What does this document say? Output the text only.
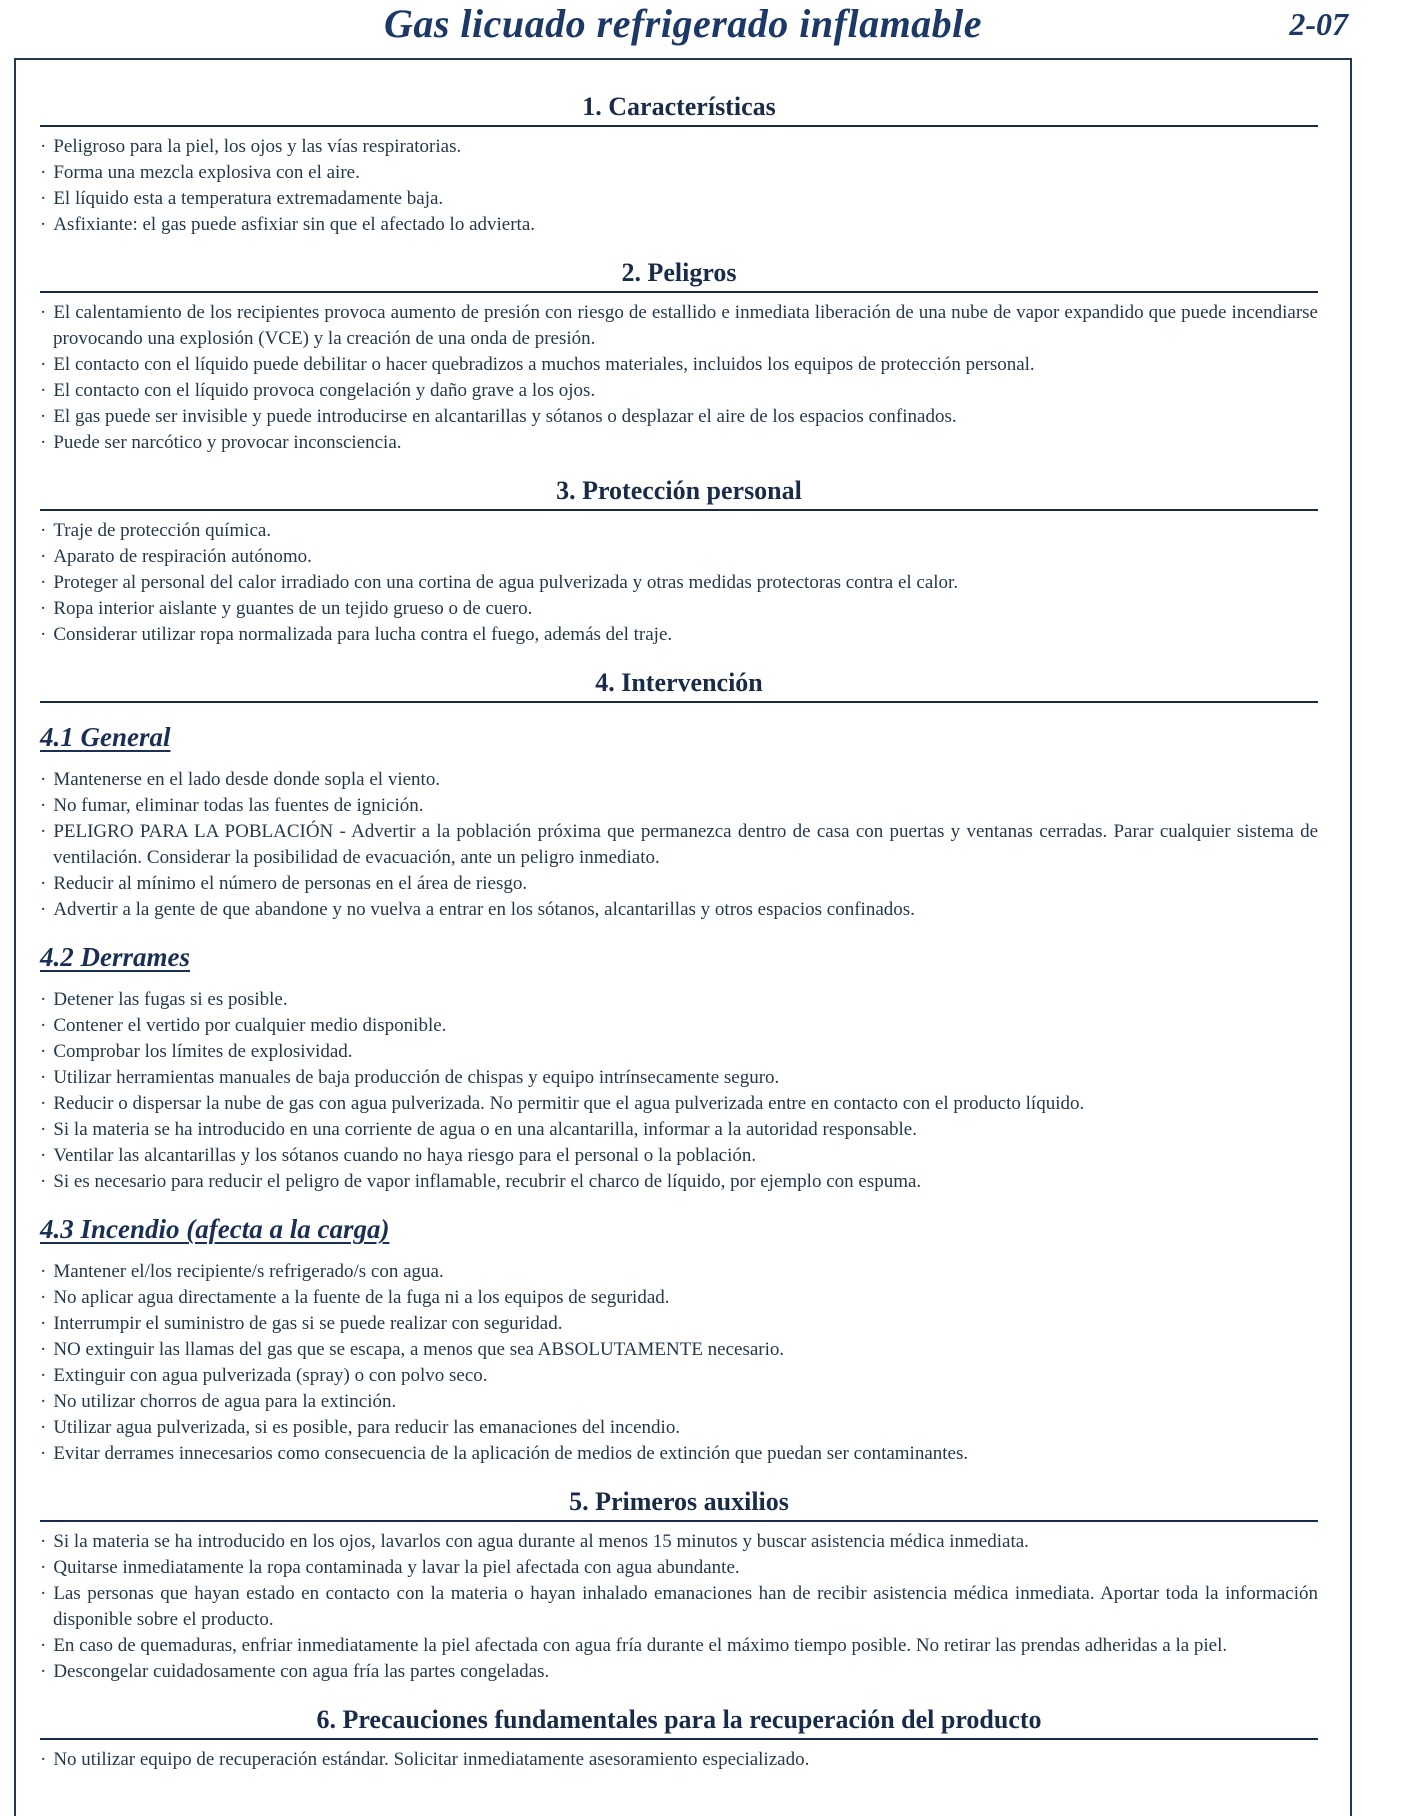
Gas licuado refrigerado inflamable	2-07
1. Características

· Peligroso para la piel, los ojos y las vías respiratorias.

· Forma una mezcla explosiva con el aire.

· El líquido esta a temperatura extremadamente baja.

· Asfixiante: el gas puede asfixiar sin que el afectado lo advierta.

2. Peligros

· El calentamiento de los recipientes provoca aumento de presión con riesgo de estallido e inmediata liberación de una nube de vapor expandido que puede incendiarse provocando una explosión (VCE) y la creación de una onda de presión.

· El contacto con el líquido puede debilitar o hacer quebradizos a muchos materiales, incluidos los equipos de protección personal.

· El contacto con el líquido provoca congelación y daño grave a los ojos.

· El gas puede ser invisible y puede introducirse en alcantarillas y sótanos o desplazar el aire de los espacios confinados.

· Puede ser narcótico y provocar inconsciencia.

3. Protección personal

· Traje de protección química.

· Aparato de respiración autónomo.

· Proteger al personal del calor irradiado con una cortina de agua pulverizada y otras medidas protectoras contra el calor.

· Ropa interior aislante y guantes de un tejido grueso o de cuero.

· Considerar utilizar ropa normalizada para lucha contra el fuego, además del traje.

4. Intervención
4.1 General

· Mantenerse en el lado desde donde sopla el viento.

· No fumar, eliminar todas las fuentes de ignición.

· PELIGRO PARA LA POBLACIÓN - Advertir a la población próxima que permanezca dentro de casa con puertas y ventanas cerradas. Parar cualquier sistema de ventilación. Considerar la posibilidad de evacuación, ante un peligro inmediato.

· Reducir al mínimo el número de personas en el área de riesgo.

· Advertir a la gente de que abandone y no vuelva a entrar en los sótanos, alcantarillas y otros espacios confinados.

4.2 Derrames

· Detener las fugas si es posible.

· Contener el vertido por cualquier medio disponible.

· Comprobar los límites de explosividad.

· Utilizar herramientas manuales de baja producción de chispas y equipo intrínsecamente seguro.

· Reducir o dispersar la nube de gas con agua pulverizada. No permitir que el agua pulverizada entre en contacto con el producto líquido.

· Si la materia se ha introducido en una corriente de agua o en una alcantarilla, informar a la autoridad responsable.

· Ventilar las alcantarillas y los sótanos cuando no haya riesgo para el personal o la población.

· Si es necesario para reducir el peligro de vapor inflamable, recubrir el charco de líquido, por ejemplo con espuma.

4.3 Incendio (afecta a la carga)

· Mantener el/los recipiente/s refrigerado/s con agua.

· No aplicar agua directamente a la fuente de la fuga ni a los equipos de seguridad.

· Interrumpir el suministro de gas si se puede realizar con seguridad.

· NO extinguir las llamas del gas que se escapa, a menos que sea ABSOLUTAMENTE necesario.

· Extinguir con agua pulverizada (spray) o con polvo seco.

· No utilizar chorros de agua para la extinción.

· Utilizar agua pulverizada, si es posible, para reducir las emanaciones del incendio.

· Evitar derrames innecesarios como consecuencia de la aplicación de medios de extinción que puedan ser contaminantes.

5. Primeros auxilios

· Si la materia se ha introducido en los ojos, lavarlos con agua durante al menos 15 minutos y buscar asistencia médica inmediata.

· Quitarse inmediatamente la ropa contaminada y lavar la piel afectada con agua abundante.

· Las personas que hayan estado en contacto con la materia o hayan inhalado emanaciones han de recibir asistencia médica inmediata. Aportar toda la información disponible sobre el producto.

· En caso de quemaduras, enfriar inmediatamente la piel afectada con agua fría durante el máximo tiempo posible. No retirar las prendas adheridas a la piel.

· Descongelar cuidadosamente con agua fría las partes congeladas.

6. Precauciones fundamentales para la recuperación del producto

· No utilizar equipo de recuperación estándar. Solicitar inmediatamente asesoramiento especializado.
